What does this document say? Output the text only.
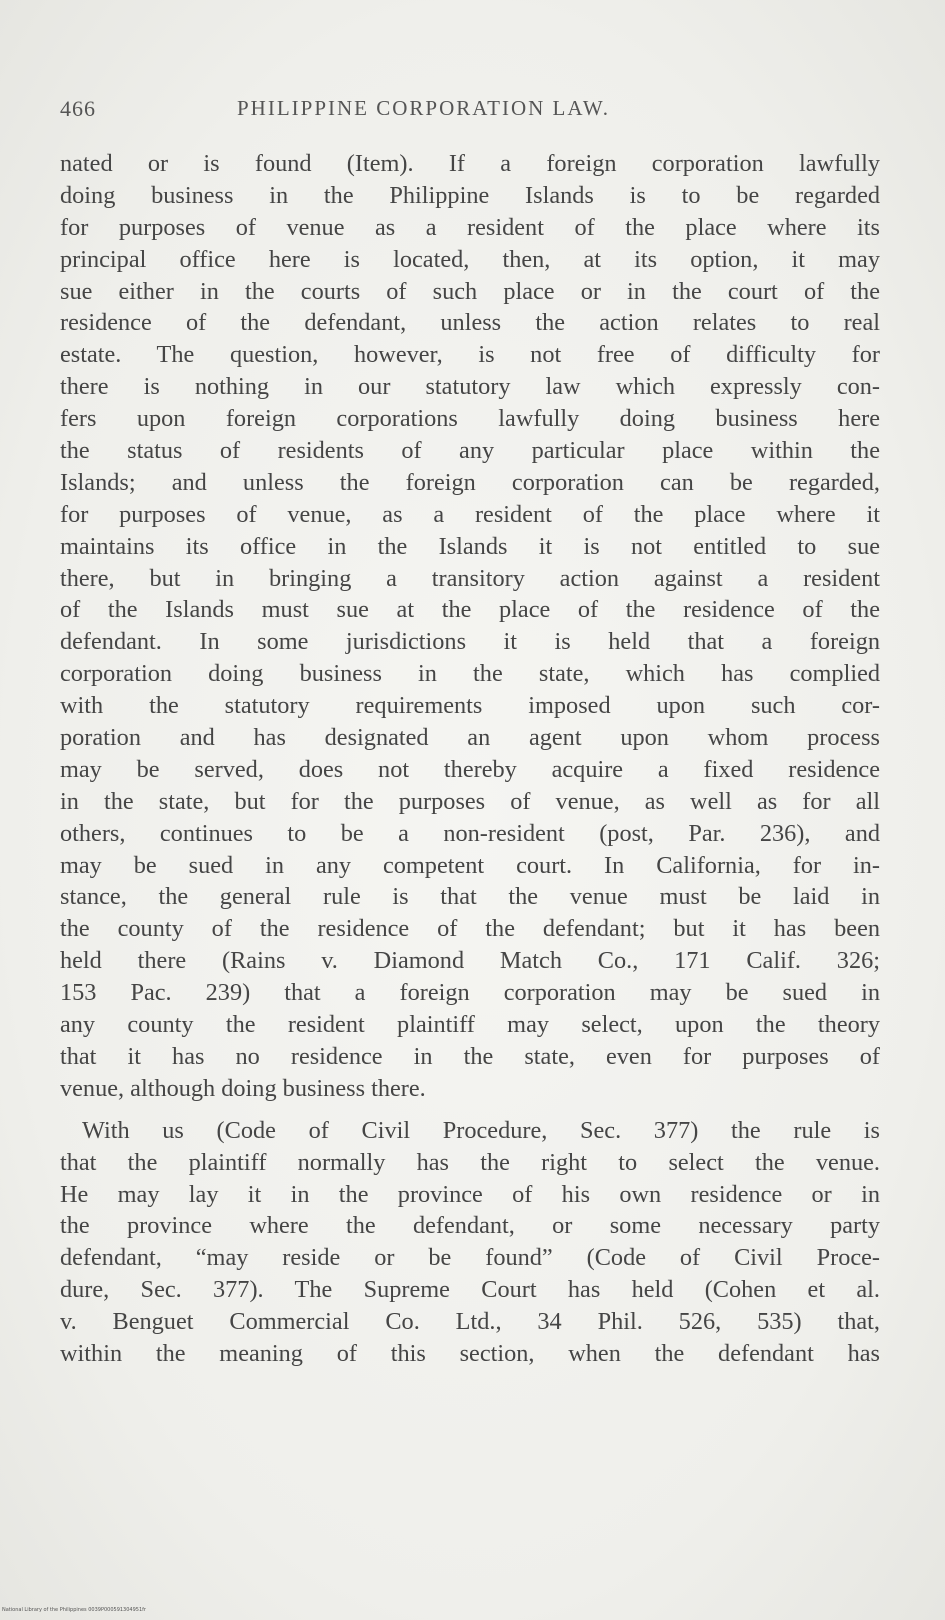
466	PHILIPPINE CORPORATION LAW.
nated or is found (Item). If a foreign corporation lawfully
doing business in the Philippine Islands is to be regarded
for purposes of venue as a resident of the place where its
principal office here is located, then, at its option, it may
sue either in the courts of such place or in the court of the
residence of the defendant, unless the action relates to real
estate. The question, however, is not free of difficulty for
there is nothing in our statutory law which expressly con-
fers upon foreign corporations lawfully doing business here
the status of residents of any particular place within the
Islands; and unless the foreign corporation can be regarded,
for purposes of venue, as a resident of the place where it
maintains its office in the Islands it is not entitled to sue
there, but in bringing a transitory action against a resident
of the Islands must sue at the place of the residence of the
defendant. In some jurisdictions it is held that a foreign
corporation doing business in the state, which has complied
with the statutory requirements imposed upon such cor-
poration and has designated an agent upon whom process
may be served, does not thereby acquire a fixed residence
in the state, but for the purposes of venue, as well as for all
others, continues to be a non-resident (post, Par. 236), and
may be sued in any competent court. In California, for in-
stance, the general rule is that the venue must be laid in
the county of the residence of the defendant; but it has been
held there (Rains v. Diamond Match Co., 171 Calif. 326;
153 Pac. 239) that a foreign corporation may be sued in
any county the resident plaintiff may select, upon the theory
that it has no residence in the state, even for purposes of
venue, although doing business there.
With us (Code of Civil Procedure, Sec. 377) the rule is
that the plaintiff normally has the right to select the venue.
He may lay it in the province of his own residence or in
the province where the defendant, or some necessary party
defendant, “may reside or be found” (Code of Civil Proce-
dure, Sec. 377). The Supreme Court has held (Cohen et al.
v. Benguet Commercial Co. Ltd., 34 Phil. 526, 535) that,
within the meaning of this section, when the defendant has
National Library of the Philippines 0039P000591304951fr
